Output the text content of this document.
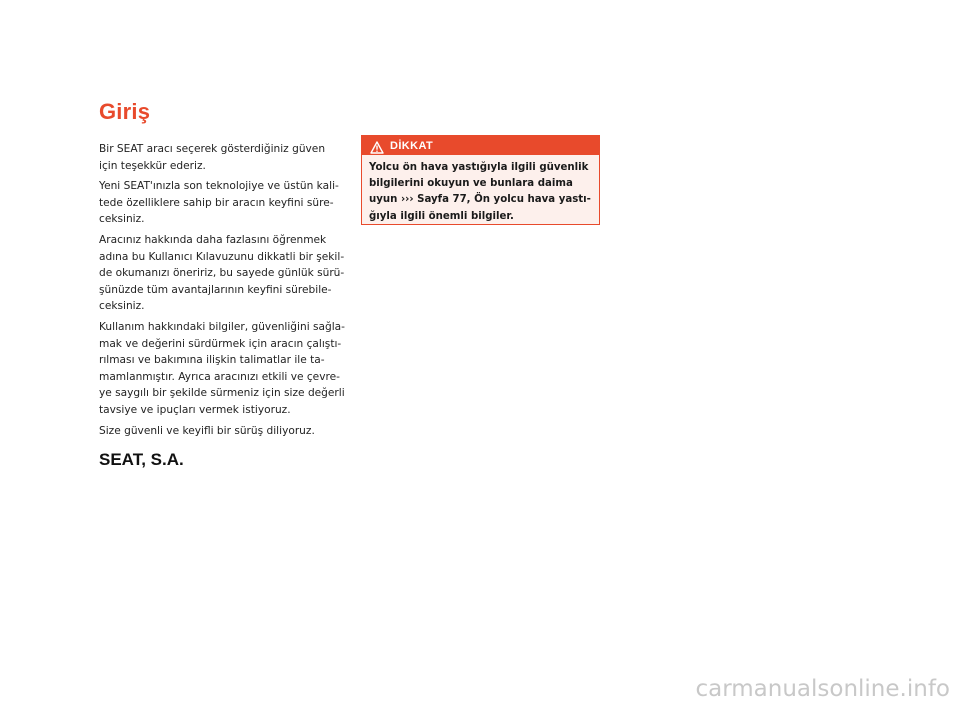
Giriş

Bir SEAT aracı seçerek gösterdiğiniz güven
için teşekkür ederiz.

Yeni SEAT'ınızla son teknolojiye ve üstün kali-
tede özelliklere sahip bir aracın keyfini süre-
ceksiniz.

Aracınız hakkında daha fazlasını öğrenmek
adına bu Kullanıcı Kılavuzunu dikkatli bir şekil-
de okumanızı öneririz, bu sayede günlük sürü-
şünüzde tüm avantajlarının keyfini sürebile-
ceksiniz.

Kullanım hakkındaki bilgiler, güvenliğini sağla-
mak ve değerini sürdürmek için aracın çalıştı-
rılması ve bakımına ilişkin talimatlar ile ta-
mamlanmıştır. Ayrıca aracınızı etkili ve çevre-
ye saygılı bir şekilde sürmeniz için size değerli
tavsiye ve ipuçları vermek istiyoruz.

Size güvenli ve keyifli bir sürüş diliyoruz.

SEAT, S.A.
DİKKAT
Yolcu ön hava yastığıyla ilgili güvenlik bilgilerini okuyun ve bunlara daima uyun ››› Sayfa 77, Ön yolcu hava yastı-ğıyla ilgili önemli bilgiler.
carmanualsonline.info
